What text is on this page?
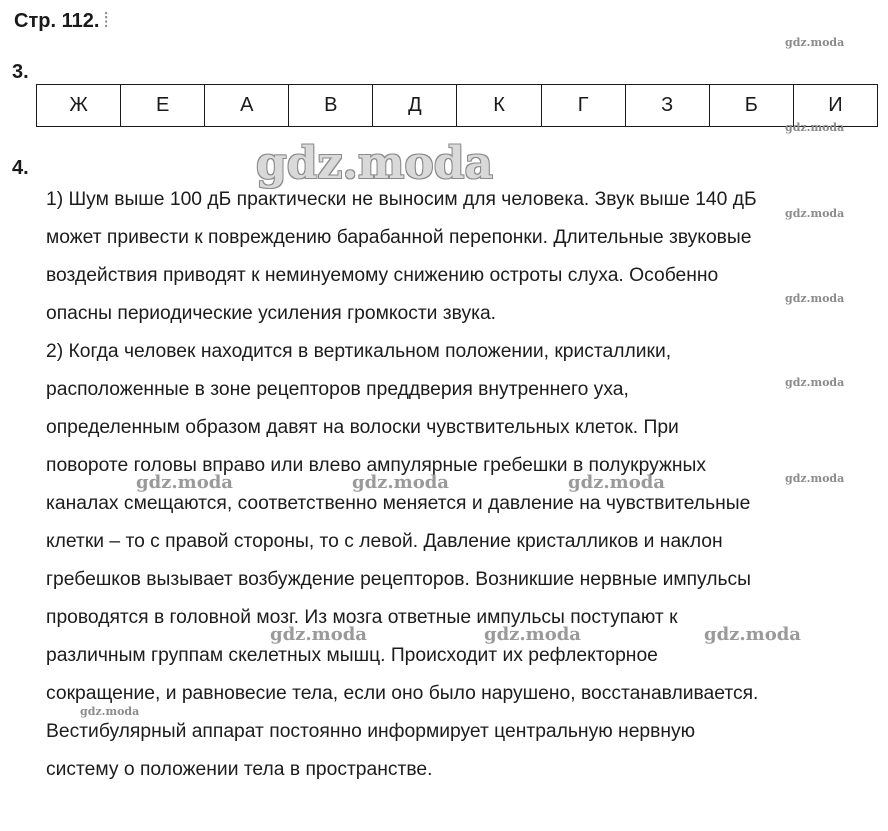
Стр. 112. ⁞
3.
Ж	Е	А	В	Д	К	Г	З	Б	И
4.
1) Шум выше 100 дБ практически не выносим для человека. Звук выше 140 дБ
может привести к повреждению барабанной перепонки. Длительные звуковые
воздействия приводят к неминуемому снижению остроты слуха. Особенно
опасны периодические усиления громкости звука.
2) Когда человек находится в вертикальном положении, кристаллики,
расположенные в зоне рецепторов преддверия внутреннего уха,
определенным образом давят на волоски чувствительных клеток. При
повороте головы вправо или влево ампулярные гребешки в полукружных
каналах смещаются, соответственно меняется и давление на чувствительные
клетки – то с правой стороны, то с левой. Давление кристалликов и наклон
гребешков вызывает возбуждение рецепторов. Возникшие нервные импульсы
проводятся в головной мозг. Из мозга ответные импульсы поступают к
различным группам скелетных мышц. Происходит их рефлекторное
сокращение, и равновесие тела, если оно было нарушено, восстанавливается.
Вестибулярный аппарат постоянно информирует центральную нервную
систему о положении тела в пространстве.
gdz.moda
gdz.moda
gdz.moda
gdz.moda
gdz.moda
gdz.moda
gdz.moda
gdz.moda	gdz.moda	gdz.moda
gdz.moda	gdz.moda	gdz.moda
gdz.moda
